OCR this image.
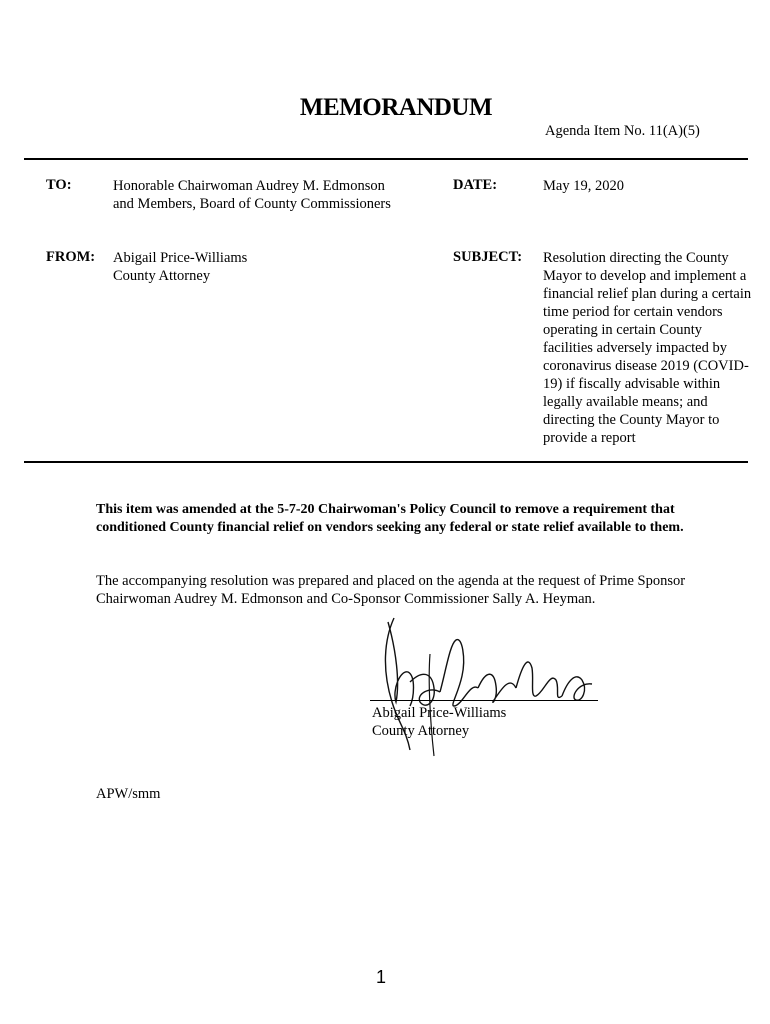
MEMORANDUM
Agenda Item No. 11(A)(5)
TO:	Honorable Chairwoman Audrey M. Edmonson
and Members, Board of County Commissioners
DATE:	May 19, 2020
FROM: Abigail Price-Williams
County Attorney
SUBJECT: Resolution directing the County Mayor to develop and implement a financial relief plan during a certain time period for certain vendors operating in certain County facilities adversely impacted by coronavirus disease 2019 (COVID-19) if fiscally advisable within legally available means; and directing the County Mayor to provide a report
This item was amended at the 5-7-20 Chairwoman's Policy Council to remove a requirement that conditioned County financial relief on vendors seeking any federal or state relief available to them.
The accompanying resolution was prepared and placed on the agenda at the request of Prime Sponsor Chairwoman Audrey M. Edmonson and Co-Sponsor Commissioner Sally A. Heyman.
Abigail Price-Williams
County Attorney
APW/smm
1
